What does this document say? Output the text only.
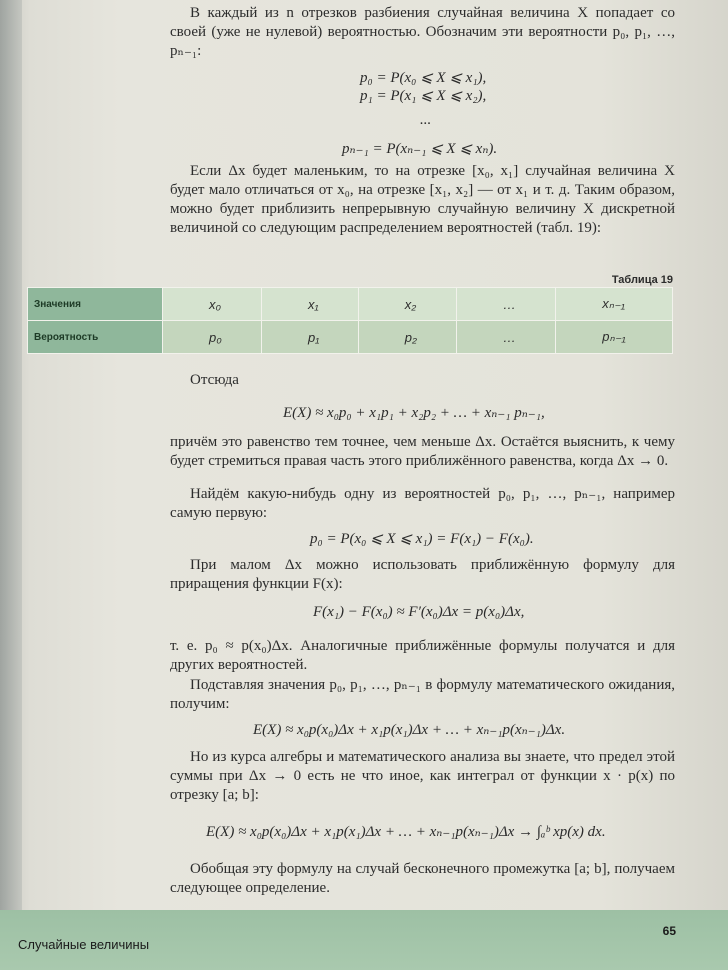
В каждый из n отрезков разбиения случайная величина X попадает со своей (уже не нулевой) вероятностью. Обозначим эти вероятности p₀, p₁, …, pₙ₋₁:

p₀ = P(x₀ ⩽ X ⩽ x₁),
p₁ = P(x₁ ⩽ X ⩽ x₂),
...
pₙ₋₁ = P(xₙ₋₁ ⩽ X ⩽ xₙ).

Если Δx будет маленьким, то на отрезке [x₀, x₁] случайная величина X будет мало отличаться от x₀, на отрезке [x₁, x₂] — от x₁ и т. д. Таким образом, можно будет приблизить непрерывную случайную величину X дискретной величиной со следующим распределением вероятностей (табл. 19):

Таблица 19
Значения	x₀	x₁	x₂	…	xₙ₋₁
Вероятность	p₀	p₁	p₂	…	pₙ₋₁

Отсюда

E(X) ≈ x₀p₀ + x₁p₁ + x₂p₂ + … + xₙ₋₁ pₙ₋₁,

причём это равенство тем точнее, чем меньше Δx. Остаётся выяснить, к чему будет стремиться правая часть этого приближённого равенства, когда Δx → 0.

Найдём какую-нибудь одну из вероятностей p₀, p₁, …, pₙ₋₁, например самую первую:

p₀ = P(x₀ ⩽ X ⩽ x₁) = F(x₁) − F(x₀).

При малом Δx можно использовать приближённую формулу для приращения функции F(x):

F(x₁) − F(x₀) ≈ F′(x₀)Δx = p(x₀)Δx,

т. е. p₀ ≈ p(x₀)Δx. Аналогичные приближённые формулы получатся и для других вероятностей.

Подставляя значения p₀, p₁, …, pₙ₋₁ в формулу математического ожидания, получим:

E(X) ≈ x₀p(x₀)Δx + x₁p(x₁)Δx + … + xₙ₋₁p(xₙ₋₁)Δx.

Но из курса алгебры и математического анализа вы знаете, что предел этой суммы при Δx → 0 есть не что иное, как интеграл от функции x · p(x) по отрезку [a; b]:

E(X) ≈ x₀p(x₀)Δx + x₁p(x₁)Δx + … + xₙ₋₁p(xₙ₋₁)Δx → ∫ₐᵇ xp(x) dx.

Обобщая эту формулу на случай бесконечного промежутка [a; b], получаем следующее определение.

Случайные величины
65
